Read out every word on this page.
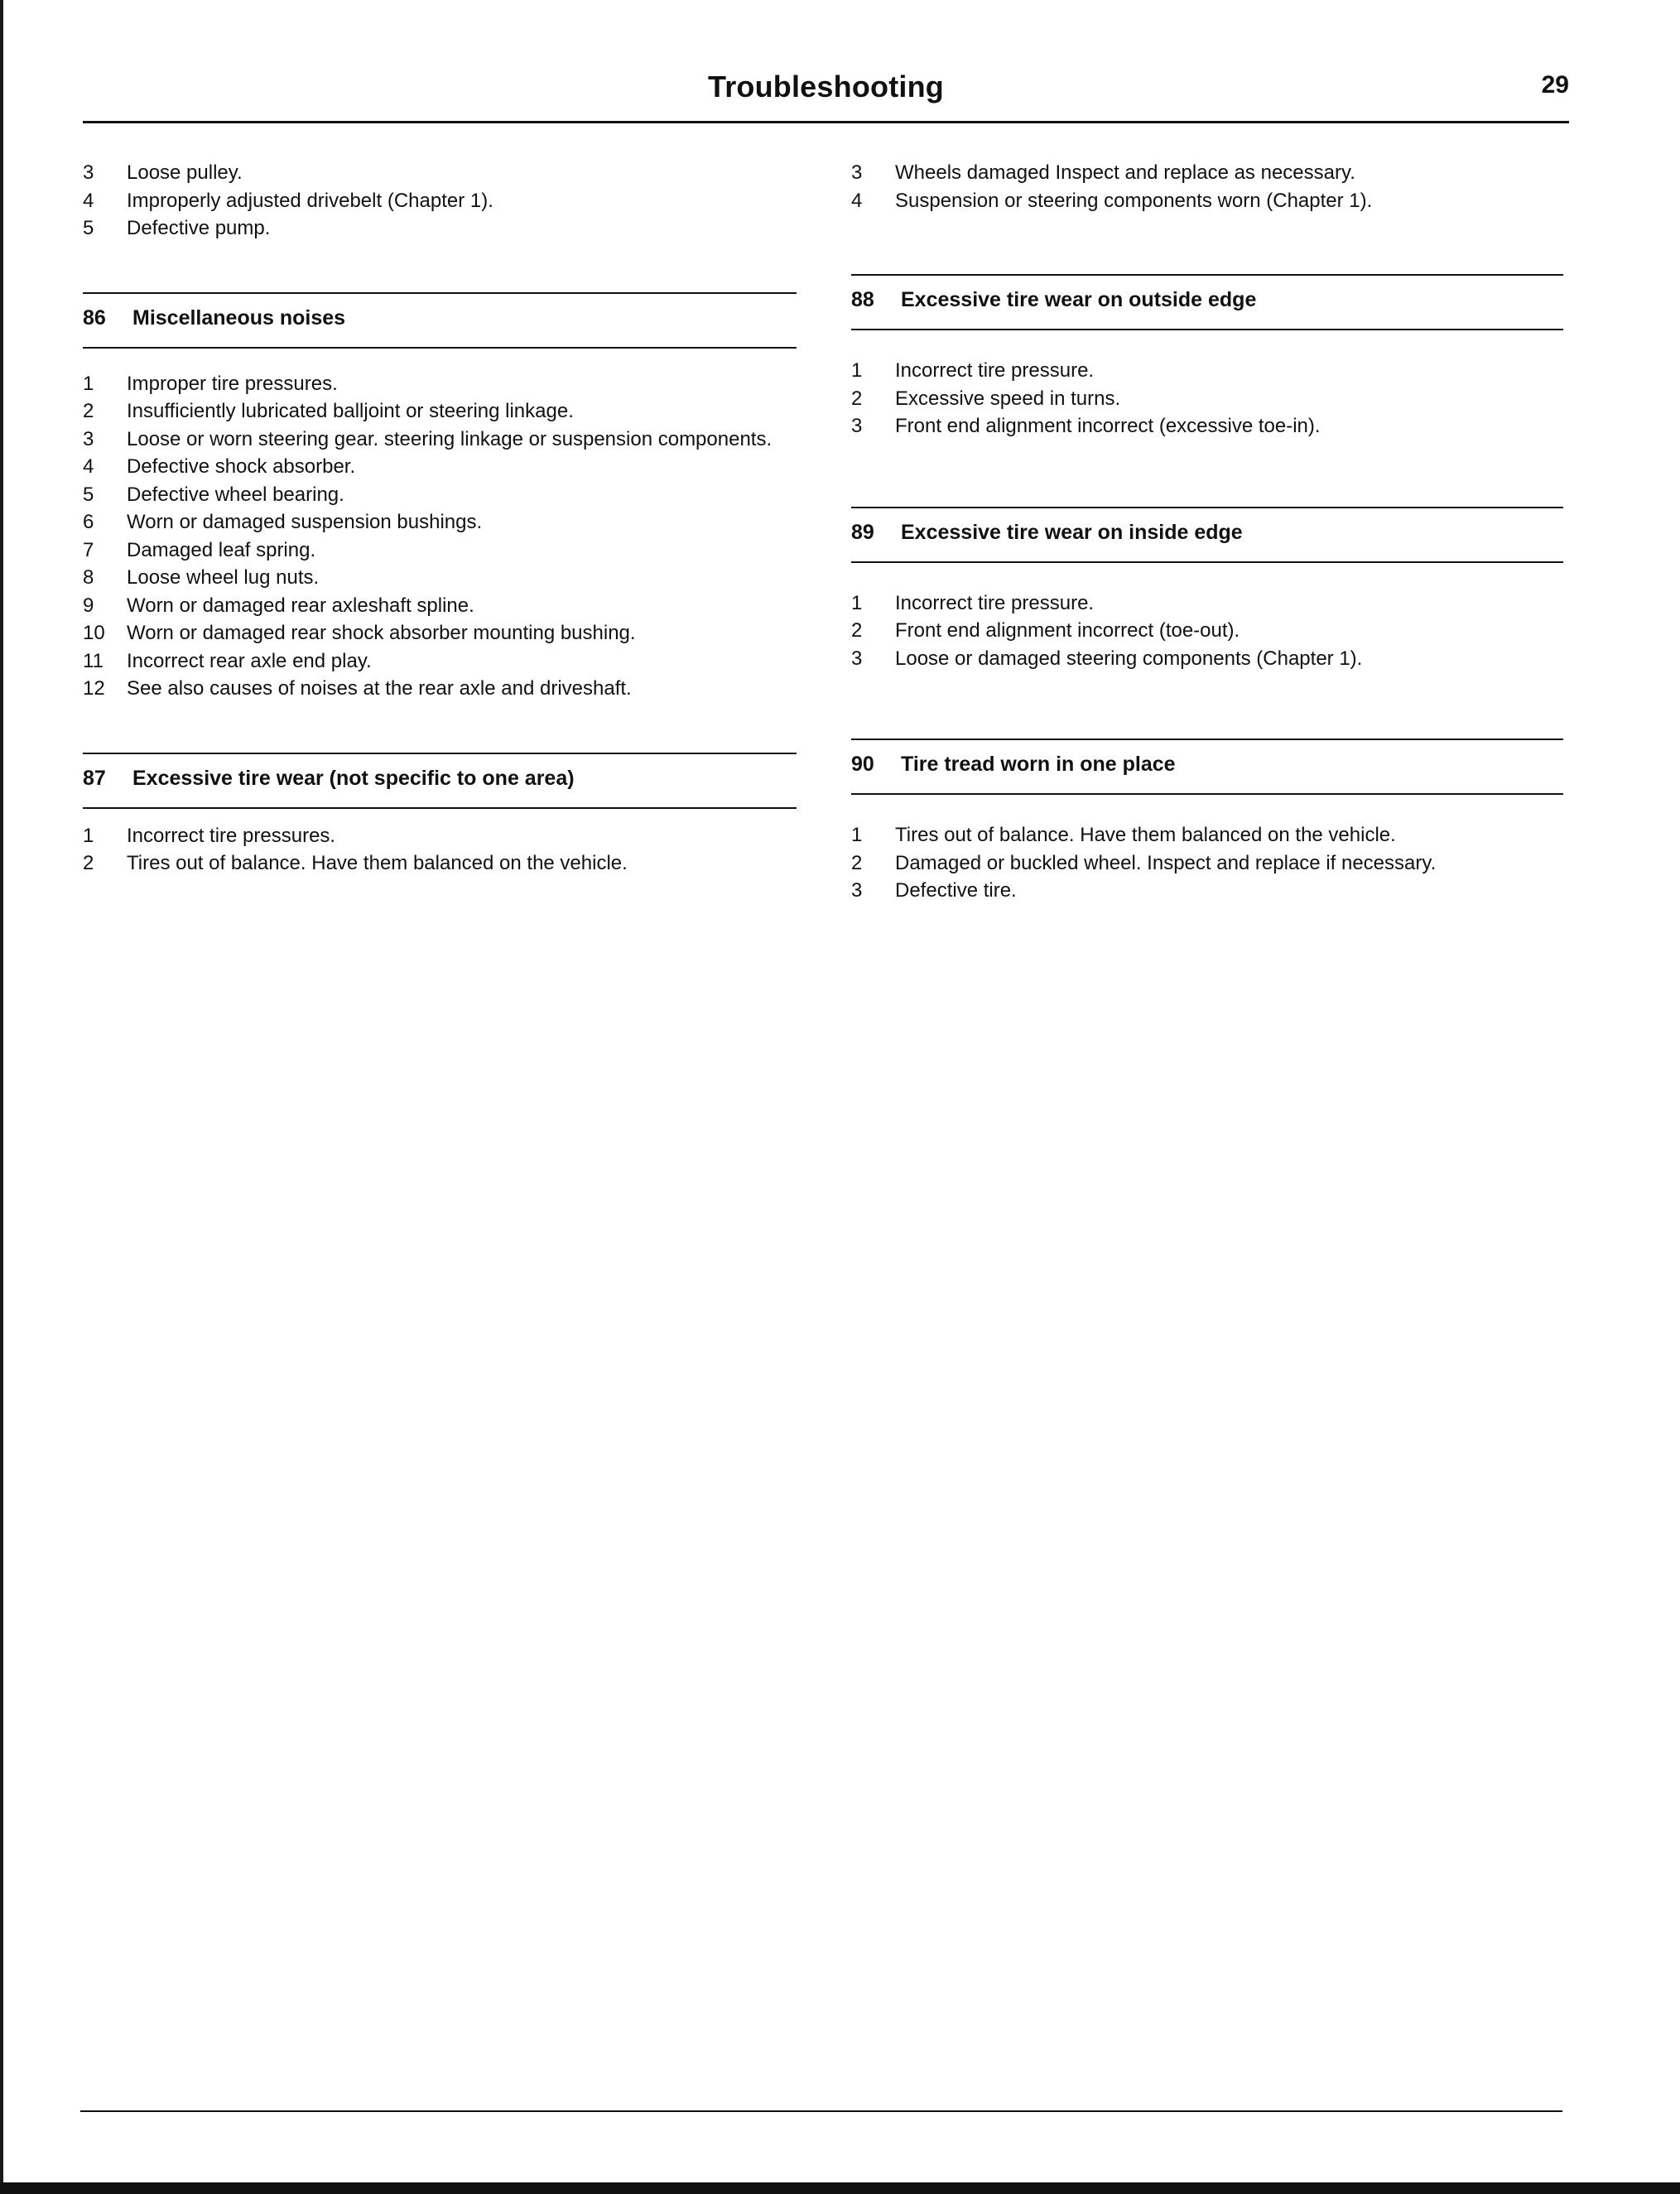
Troubleshooting	29
3	Loose pulley.
4	Improperly adjusted drivebelt (Chapter 1).
5	Defective pump.
86 Miscellaneous noises
1	Improper tire pressures.
2	Insufficiently lubricated balljoint or steering linkage.
3	Loose or worn steering gear. steering linkage or suspension components.
4	Defective shock absorber.
5	Defective wheel bearing.
6	Worn or damaged suspension bushings.
7	Damaged leaf spring.
8	Loose wheel lug nuts.
9	Worn or damaged rear axleshaft spline.
10	Worn or damaged rear shock absorber mounting bushing.
11	Incorrect rear axle end play.
12	See also causes of noises at the rear axle and driveshaft.
87 Excessive tire wear (not specific to one area)
1	Incorrect tire pressures.
2	Tires out of balance. Have them balanced on the vehicle.
3	Wheels damaged Inspect and replace as necessary.
4	Suspension or steering components worn (Chapter 1).
88 Excessive tire wear on outside edge
1	Incorrect tire pressure.
2	Excessive speed in turns.
3	Front end alignment incorrect (excessive toe-in).
89 Excessive tire wear on inside edge
1	Incorrect tire pressure.
2	Front end alignment incorrect (toe-out).
3	Loose or damaged steering components (Chapter 1).
90 Tire tread worn in one place
1	Tires out of balance. Have them balanced on the vehicle.
2	Damaged or buckled wheel. Inspect and replace if necessary.
3	Defective tire.
